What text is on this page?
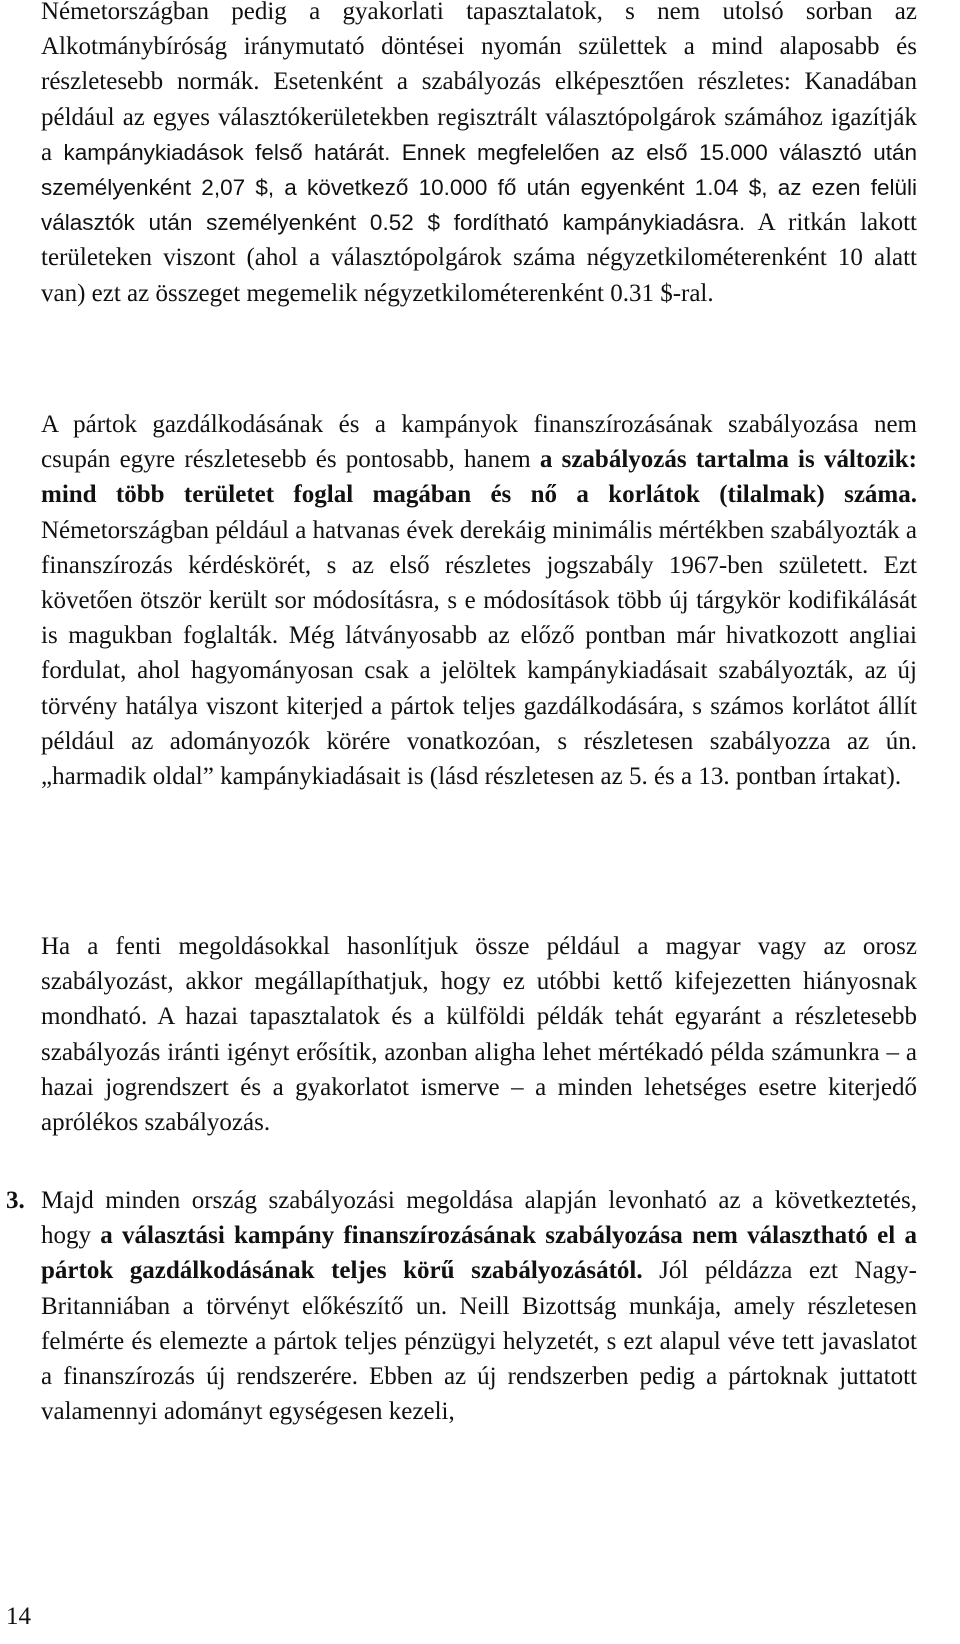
Németországban pedig a gyakorlati tapasztalatok, s nem utolsó sorban az Alkotmánybíróság iránymutató döntései nyomán születtek a mind alaposabb és részletesebb normák. Esetenként a szabályozás elképesztően részletes: Kanadában például az egyes választókerületekben regisztrált választópolgárok számához igazítják a kampánykiadások felső határát. Ennek megfelelően az első 15.000 választó után személyenként 2,07 $, a következő 10.000 fő után egyenként 1.04 $, az ezen felüli választók után személyenként 0.52 $ fordítható kampánykiadásra. A ritkán lakott területeken viszont (ahol a választópolgárok száma négyzetkilométerenként 10 alatt van) ezt az összeget megemelik négyzetkilométerenként 0.31 $-ral.

A pártok gazdálkodásának és a kampányok finanszírozásának szabályozása nem csupán egyre részletesebb és pontosabb, hanem a szabályozás tartalma is változik: mind több területet foglal magában és nő a korlátok (tilalmak) száma. Németországban például a hatvanas évek derekáig minimális mértékben szabályozták a finanszírozás kérdéskörét, s az első részletes jogszabály 1967-ben született. Ezt követően ötször került sor módosításra, s e módosítások több új tárgykör kodifikálását is magukban foglalták. Még látványosabb az előző pontban már hivatkozott angliai fordulat, ahol hagyományosan csak a jelöltek kampánykiadásait szabályozták, az új törvény hatálya viszont kiterjed a pártok teljes gazdálkodására, s számos korlátot állít például az adományozók körére vonatkozóan, s részletesen szabályozza az ún. „harmadik oldal” kampánykiadásait is (lásd részletesen az 5. és a 13. pontban írtakat).

Ha a fenti megoldásokkal hasonlítjuk össze például a magyar vagy az orosz szabályozást, akkor megállapíthatjuk, hogy ez utóbbi kettő kifejezetten hiányosnak mondható. A hazai tapasztalatok és a külföldi példák tehát egyaránt a részletesebb szabályozás iránti igényt erősítik, azonban aligha lehet mértékadó példa számunkra – a hazai jogrendszert és a gyakorlatot ismerve – a minden lehetséges esetre kiterjedő aprólékos szabályozás.

3. Majd minden ország szabályozási megoldása alapján levonható az a következtetés, hogy a választási kampány finanszírozásának szabályozása nem választható el a pártok gazdálkodásának teljes körű szabályozásától. Jól példázza ezt Nagy-Britanniában a törvényt előkészítő un. Neill Bizottság munkája, amely részletesen felmérte és elemezte a pártok teljes pénzügyi helyzetét, s ezt alapul véve tett javaslatot a finanszírozás új rendszerére. Ebben az új rendszerben pedig a pártoknak juttatott valamennyi adományt egységesen kezeli,

14
